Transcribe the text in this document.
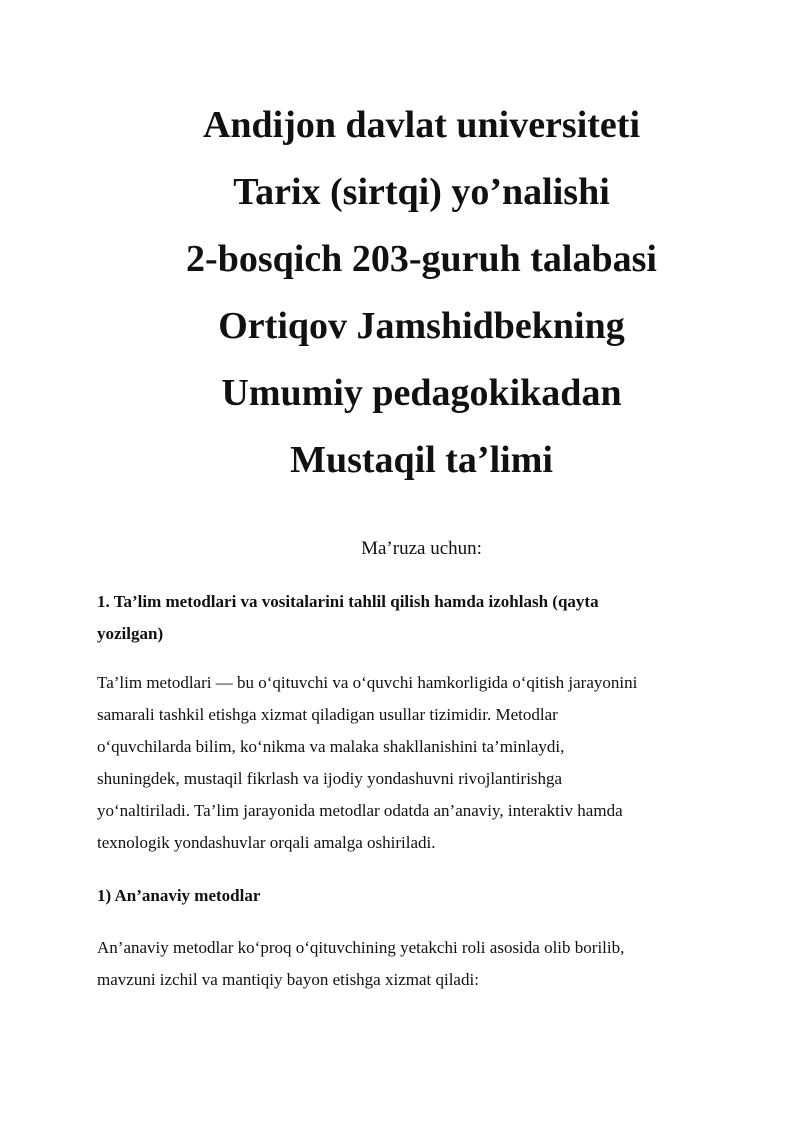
Andijon davlat universiteti
Tarix (sirtqi) yo’nalishi
2-bosqich 203-guruh talabasi
Ortiqov Jamshidbekning
Umumiy pedagokikadan
Mustaqil ta’limi
Ma’ruza uchun:
1. Ta’lim metodlari va vositalarini tahlil qilish hamda izohlash (qayta
yozilgan)
Ta’lim metodlari — bu o‘qituvchi va o‘quvchi hamkorligida o‘qitish jarayonini
samarali tashkil etishga xizmat qiladigan usullar tizimidir. Metodlar
o‘quvchilarda bilim, ko‘nikma va malaka shakllanishini ta’minlaydi,
shuningdek, mustaqil fikrlash va ijodiy yondashuvni rivojlantirishga
yo‘naltiriladi. Ta’lim jarayonida metodlar odatda an’anaviy, interaktiv hamda
texnologik yondashuvlar orqali amalga oshiriladi.
1) An’anaviy metodlar
An’anaviy metodlar ko‘proq o‘qituvchining yetakchi roli asosida olib borilib,
mavzuni izchil va mantiqiy bayon etishga xizmat qiladi:
